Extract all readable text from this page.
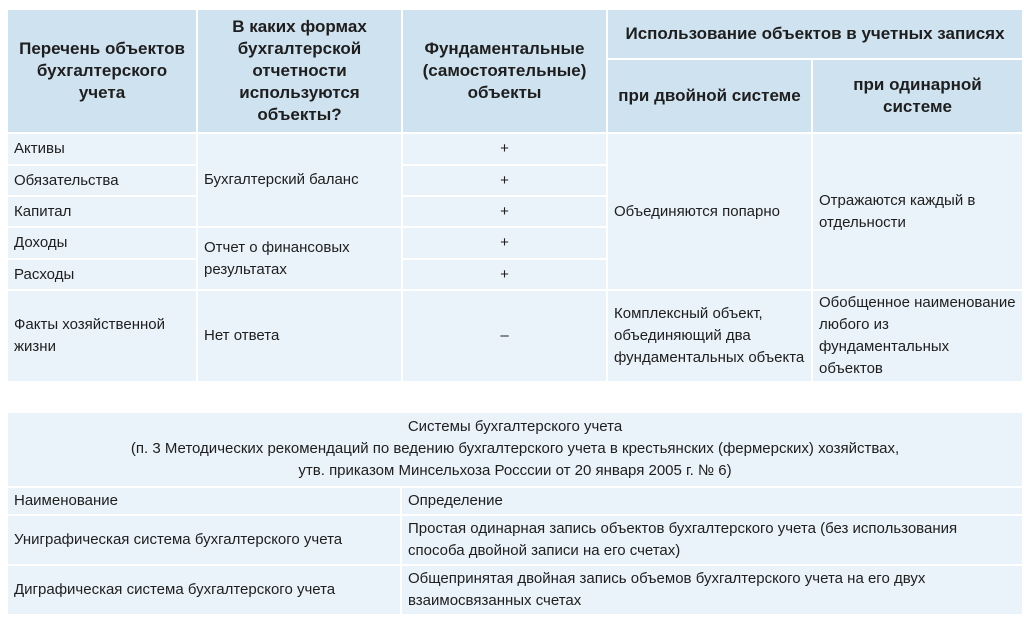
Перечень объектов бухгалтерского учета	В каких формах бухгалтерской отчетности используются объекты?	Фундаментальные (самостоятельные) объекты	Использование объектов в учетных записях	
			при двойной системе	при одинарной системе
Активы	Бухгалтерский баланс	+	Объединяются попарно	Отражаются каждый в отдельности
Обязательства		+		
Капитал		+		
Доходы	Отчет о финансовых результатах	+		
Расходы		+		
Факты хозяйственной жизни	Нет ответа	–	Комплексный объект, объединяющий два фундаментальных объекта	Обобщенное наименование любого из фундаментальных объектов
Системы бухгалтерского учета
(п. 3 Методических рекомендаций по ведению бухгалтерского учета в крестьянских (фермерских) хозяйствах,
утв. приказом Минсельхоза Росссии от 20 января 2005 г. № 6)	

Наименование	Определение
Униграфическая система бухгалтерского учета	Простая одинарная запись объектов бухгалтерского учета (без использования способа двойной записи на его счетах)
Диграфическая система бухгалтерского учета	Общепринятая двойная запись объемов бухгалтерского учета на его двух взаимосвязанных счетах
